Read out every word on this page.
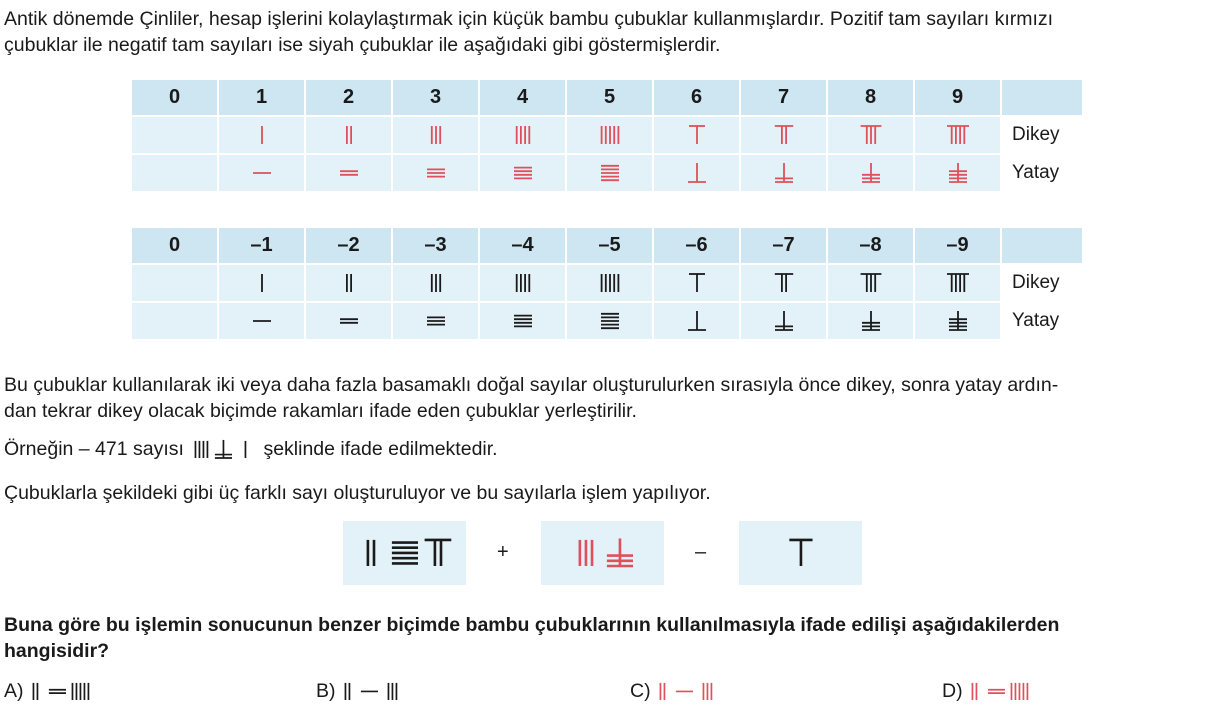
Antik dönemde Çinliler, hesap işlerini kolaylaştırmak için küçük bambu çubuklar kullanmışlardır. Pozitif tam sayıları kırmızı
çubuklar ile negatif tam sayıları ise siyah çubuklar ile aşağıdaki gibi göstermişlerdir.
0	1	2	3	4	5	6	7	8	9	

	Dikey

	Yatay
0	–1	–2	–3	–4	–5	–6	–7	–8	–9	

	Dikey

	Yatay
Bu çubuklar kullanılarak iki veya daha fazla basamaklı doğal sayılar oluşturulurken sırasıyla önce dikey, sonra yatay ardın-
dan tekrar dikey olacak biçimde rakamları ifade eden çubuklar yerleştirilir.
Örneğin – 471 sayısı	şeklinde ifade edilmektedir.
Çubuklarla şekildeki gibi üç farklı sayı oluşturuluyor ve bu sayılarla işlem yapılıyor.
+	–
Buna göre bu işlemin sonucunun benzer biçimde bambu çubuklarının kullanılmasıyla ifade edilişi aşağıdakilerden
hangisidir?
A)	B)	C)	D)
